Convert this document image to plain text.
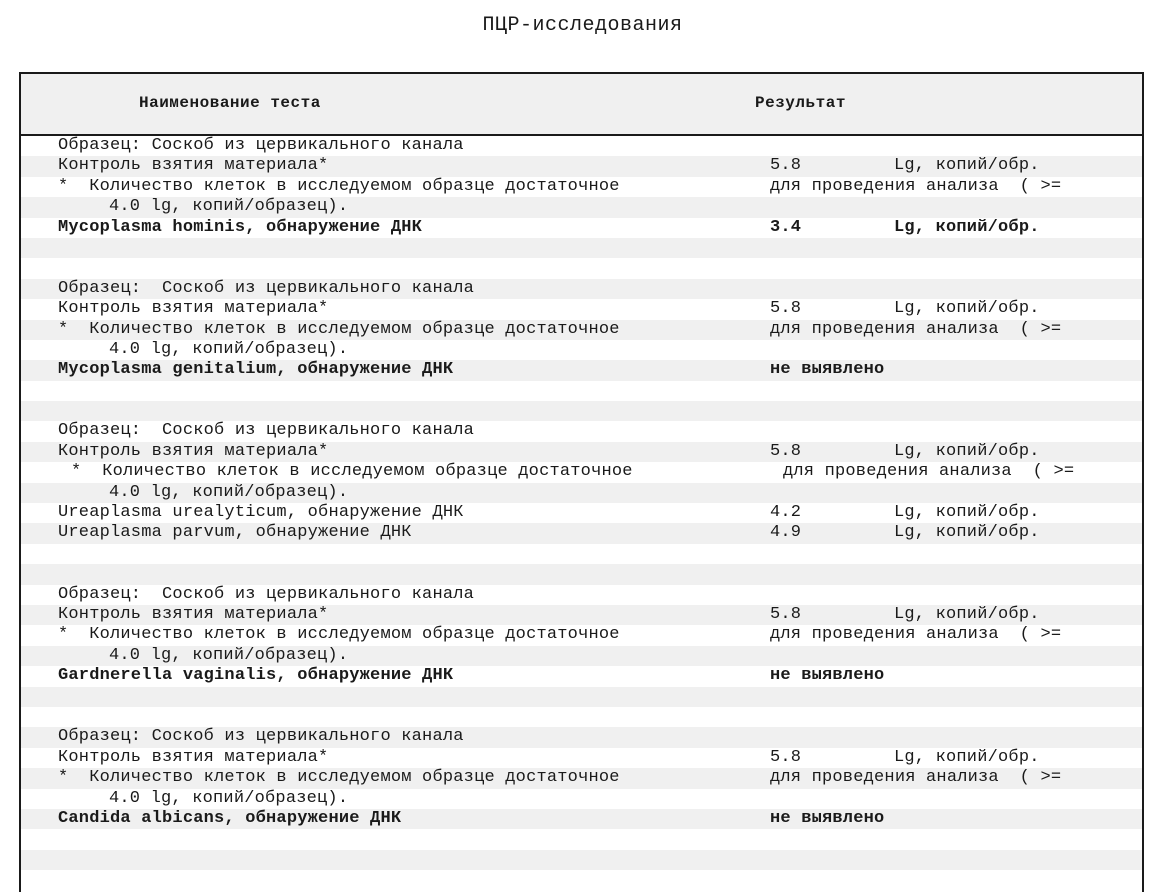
ПЦР-исследования
Наименование теста	Результат
Образец: Соскоб из цервикального канала
Контроль взятия материала*	5.8	Lg, копий/обр.
*  Количество клеток в исследуемом образце достаточное	для проведения анализа  ( >=
4.0 lg, копий/образец).
Mycoplasma hominis, обнаружение ДНК	3.4	Lg, копий/обр.
Образец:  Соскоб из цервикального канала
Контроль взятия материала*	5.8	Lg, копий/обр.
*  Количество клеток в исследуемом образце достаточное	для проведения анализа  ( >=
4.0 lg, копий/образец).
Mycoplasma genitalium, обнаружение ДНК	не выявлено
Образец:  Соскоб из цервикального канала
Контроль взятия материала*	5.8	Lg, копий/обр.
*  Количество клеток в исследуемом образце достаточное	для проведения анализа  ( >=
4.0 lg, копий/образец).
Ureaplasma urealyticum, обнаружение ДНК	4.2	Lg, копий/обр.
Ureaplasma parvum, обнаружение ДНК	4.9	Lg, копий/обр.
Образец:  Соскоб из цервикального канала
Контроль взятия материала*	5.8	Lg, копий/обр.
*  Количество клеток в исследуемом образце достаточное	для проведения анализа  ( >=
4.0 lg, копий/образец).
Gardnerella vaginalis, обнаружение ДНК	не выявлено
Образец: Соскоб из цервикального канала
Контроль взятия материала*	5.8	Lg, копий/обр.
*  Количество клеток в исследуемом образце достаточное	для проведения анализа  ( >=
4.0 lg, копий/образец).
Candida albicans, обнаружение ДНК	не выявлено
